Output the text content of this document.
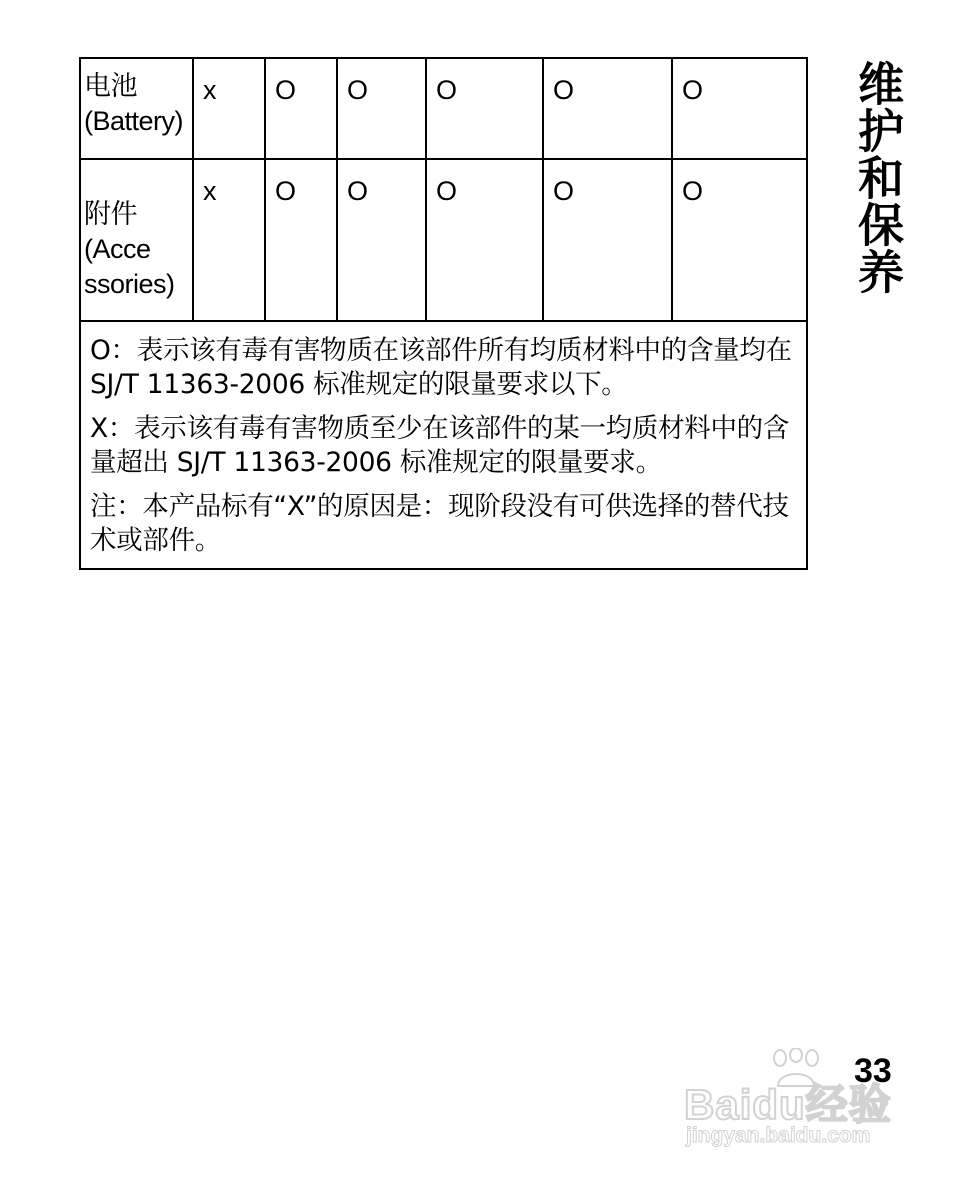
电池
(Battery)	x	O	O	O	O	O

附件
(Acce
ssories)	x	O	O	O	O	O

O：表示该有毒有害物质在该部件所有均质材料中的含量均在 SJ/T 11363-2006 标准规定的限量要求以下。

X：表示该有毒有害物质至少在该部件的某一均质材料中的含量超出 SJ/T 11363-2006 标准规定的限量要求。

注：本产品标有“X”的原因是：现阶段没有可供选择的替代技术或部件。						

维护和保养
33
Baidu经验
jingyan.baidu.com
